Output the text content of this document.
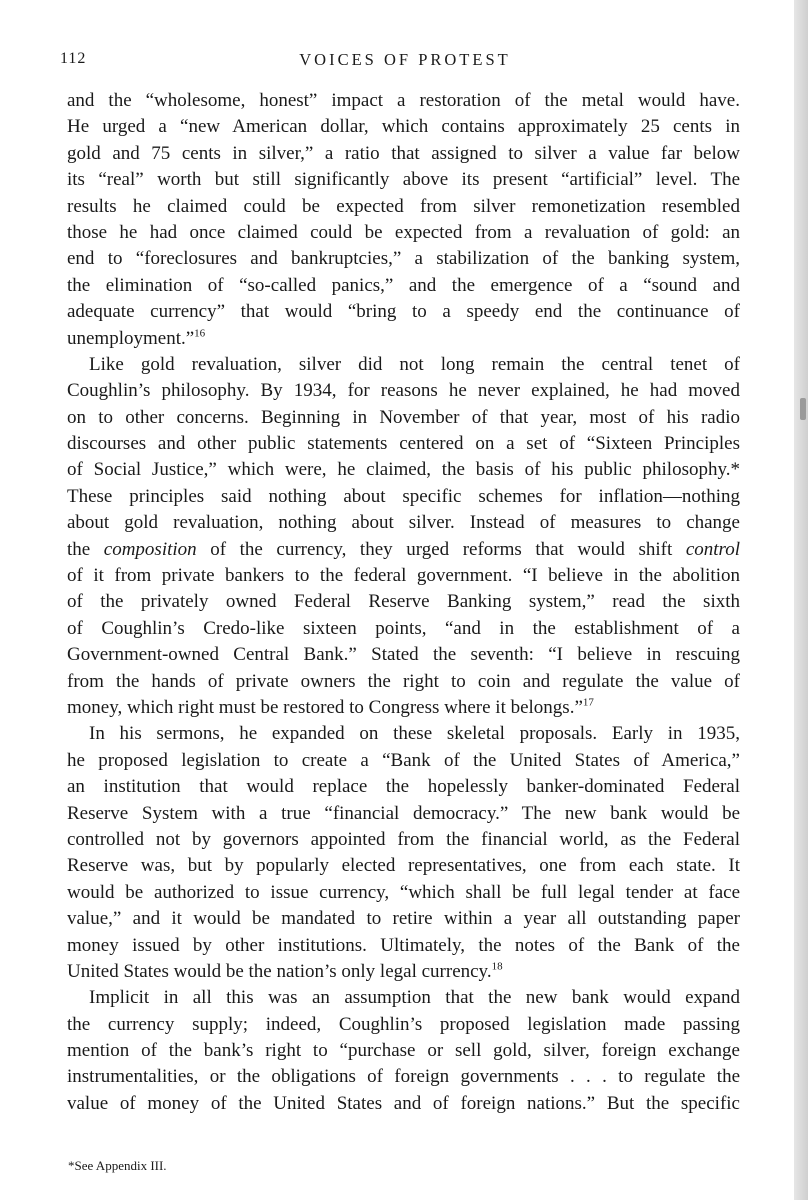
112	VOICES OF PROTEST
and the “wholesome, honest” impact a restoration of the metal would have.
He urged a “new American dollar, which contains approximately 25 cents in
gold and 75 cents in silver,” a ratio that assigned to silver a value far below
its “real” worth but still significantly above its present “artificial” level. The
results he claimed could be expected from silver remonetization resembled
those he had once claimed could be expected from a revaluation of gold: an
end to “foreclosures and bankruptcies,” a stabilization of the banking system,
the elimination of “so-called panics,” and the emergence of a “sound and
adequate currency” that would “bring to a speedy end the continuance of
unemployment.”$^{16}$
Like gold revaluation, silver did not long remain the central tenet of
Coughlin’s philosophy. By 1934, for reasons he never explained, he had moved
on to other concerns. Beginning in November of that year, most of his radio
discourses and other public statements centered on a set of “Sixteen Principles
of Social Justice,” which were, he claimed, the basis of his public philosophy.*
These principles said nothing about specific schemes for inflation—nothing
about gold revaluation, nothing about silver. Instead of measures to change
the composition of the currency, they urged reforms that would shift control
of it from private bankers to the federal government. “I believe in the abolition
of the privately owned Federal Reserve Banking system,” read the sixth
of Coughlin’s Credo-like sixteen points, “and in the establishment of a
Government-owned Central Bank.” Stated the seventh: “I believe in rescuing
from the hands of private owners the right to coin and regulate the value of
money, which right must be restored to Congress where it belongs.”$^{17}$
In his sermons, he expanded on these skeletal proposals. Early in 1935,
he proposed legislation to create a “Bank of the United States of America,”
an institution that would replace the hopelessly banker-dominated Federal
Reserve System with a true “financial democracy.” The new bank would be
controlled not by governors appointed from the financial world, as the Federal
Reserve was, but by popularly elected representatives, one from each state. It
would be authorized to issue currency, “which shall be full legal tender at face
value,” and it would be mandated to retire within a year all outstanding paper
money issued by other institutions. Ultimately, the notes of the Bank of the
United States would be the nation’s only legal currency.$^{18}$
Implicit in all this was an assumption that the new bank would expand
the currency supply; indeed, Coughlin’s proposed legislation made passing
mention of the bank’s right to “purchase or sell gold, silver, foreign exchange
instrumentalities, or the obligations of foreign governments . . . to regulate the
value of money of the United States and of foreign nations.” But the specific
*See Appendix III.
